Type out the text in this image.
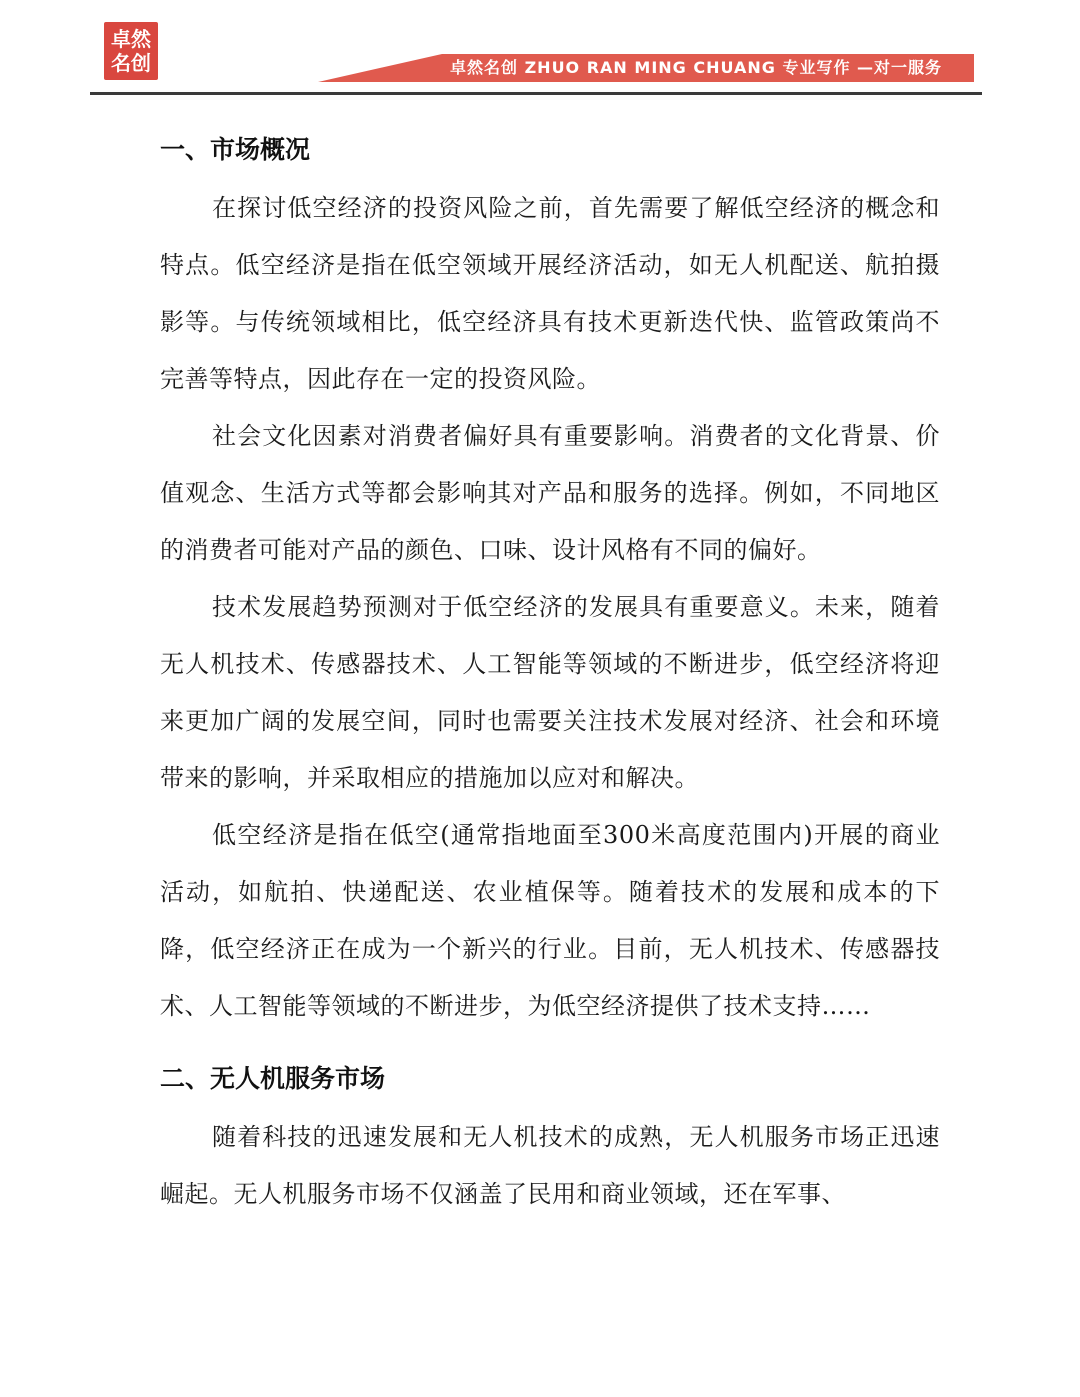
卓然
名创	卓然名创 ZHUO RAN MING CHUANG 专业写作 —对一服务
一、市场概况

在探讨低空经济的投资风险之前，首先需要了解低空经济的概念和特点。低空经济是指在低空领域开展经济活动，如无人机配送、航拍摄影等。与传统领域相比，低空经济具有技术更新迭代快、监管政策尚不完善等特点，因此存在一定的投资风险。

社会文化因素对消费者偏好具有重要影响。消费者的文化背景、价值观念、生活方式等都会影响其对产品和服务的选择。例如，不同地区的消费者可能对产品的颜色、口味、设计风格有不同的偏好。

技术发展趋势预测对于低空经济的发展具有重要意义。未来，随着无人机技术、传感器技术、人工智能等领域的不断进步，低空经济将迎来更加广阔的发展空间，同时也需要关注技术发展对经济、社会和环境带来的影响，并采取相应的措施加以应对和解决。

低空经济是指在低空(通常指地面至300米高度范围内)开展的商业活动，如航拍、快递配送、农业植保等。随着技术的发展和成本的下降，低空经济正在成为一个新兴的行业。目前，无人机技术、传感器技术、人工智能等领域的不断进步，为低空经济提供了技术支持……

二、无人机服务市场

随着科技的迅速发展和无人机技术的成熟，无人机服务市场正迅速崛起。无人机服务市场不仅涵盖了民用和商业领域，还在军事、
